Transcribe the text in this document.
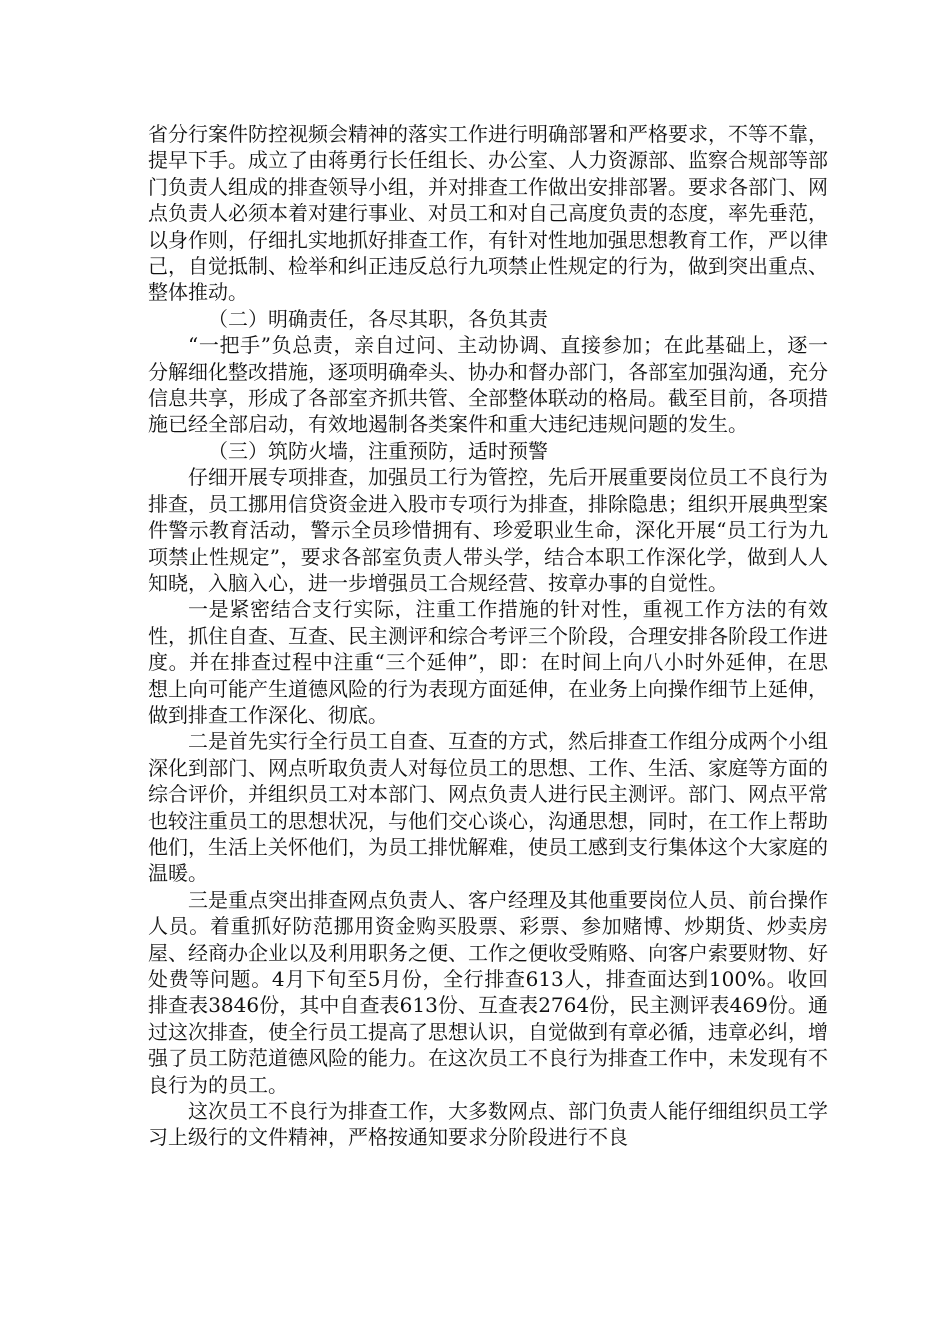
省分行案件防控视频会精神的落实工作进行明确部署和严格要求，不等不靠，提早下手。成立了由蒋勇行长任组长、办公室、人力资源部、监察合规部等部门负责人组成的排查领导小组，并对排查工作做出安排部署。要求各部门、网点负责人必须本着对建行事业、对员工和对自己高度负责的态度，率先垂范，以身作则，仔细扎实地抓好排查工作，有针对性地加强思想教育工作，严以律己，自觉抵制、检举和纠正违反总行九项禁止性规定的行为，做到突出重点、整体推动。

（二）明确责任，各尽其职，各负其责

“一把手”负总责，亲自过问、主动协调、直接参加；在此基础上，逐一分解细化整改措施，逐项明确牵头、协办和督办部门，各部室加强沟通，充分信息共享，形成了各部室齐抓共管、全部整体联动的格局。截至目前，各项措施已经全部启动，有效地遏制各类案件和重大违纪违规问题的发生。

（三）筑防火墙，注重预防，适时预警

仔细开展专项排查，加强员工行为管控，先后开展重要岗位员工不良行为排查，员工挪用信贷资金进入股市专项行为排查，排除隐患；组织开展典型案件警示教育活动，警示全员珍惜拥有、珍爱职业生命，深化开展“员工行为九项禁止性规定”，要求各部室负责人带头学，结合本职工作深化学，做到人人知晓，入脑入心，进一步增强员工合规经营、按章办事的自觉性。

一是紧密结合支行实际，注重工作措施的针对性，重视工作方法的有效性，抓住自查、互查、民主测评和综合考评三个阶段，合理安排各阶段工作进度。并在排查过程中注重“三个延伸”，即：在时间上向八小时外延伸，在思想上向可能产生道德风险的行为表现方面延伸，在业务上向操作细节上延伸，做到排查工作深化、彻底。

二是首先实行全行员工自查、互查的方式，然后排查工作组分成两个小组深化到部门、网点听取负责人对每位员工的思想、工作、生活、家庭等方面的综合评价，并组织员工对本部门、网点负责人进行民主测评。部门、网点平常也较注重员工的思想状况，与他们交心谈心，沟通思想，同时，在工作上帮助他们，生活上关怀他们，为员工排忧解难，使员工感到支行集体这个大家庭的温暖。

三是重点突出排查网点负责人、客户经理及其他重要岗位人员、前台操作人员。着重抓好防范挪用资金购买股票、彩票、参加赌博、炒期货、炒卖房屋、经商办企业以及利用职务之便、工作之便收受贿赂、向客户索要财物、好处费等问题。4月下旬至5月份，全行排查613人，排查面达到100%。收回排查表3846份，其中自查表613份、互查表2764份，民主测评表469份。通过这次排查，使全行员工提高了思想认识，自觉做到有章必循，违章必纠，增强了员工防范道德风险的能力。在这次员工不良行为排查工作中，未发现有不良行为的员工。

这次员工不良行为排查工作，大多数网点、部门负责人能仔细组织员工学习上级行的文件精神，严格按通知要求分阶段进行不良
